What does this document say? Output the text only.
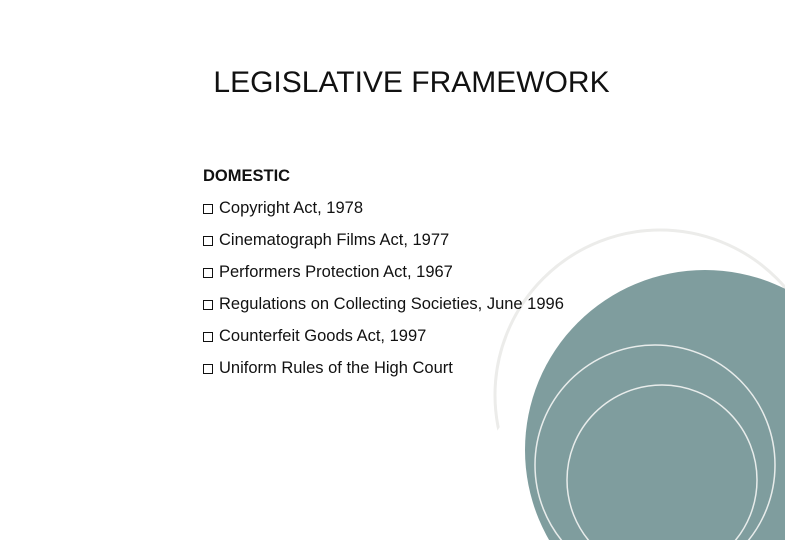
LEGISLATIVE FRAMEWORK
DOMESTIC
Copyright Act, 1978
Cinematograph Films Act, 1977
Performers Protection Act, 1967
Regulations on Collecting Societies, June 1996
Counterfeit Goods Act, 1997
Uniform Rules of the High Court
